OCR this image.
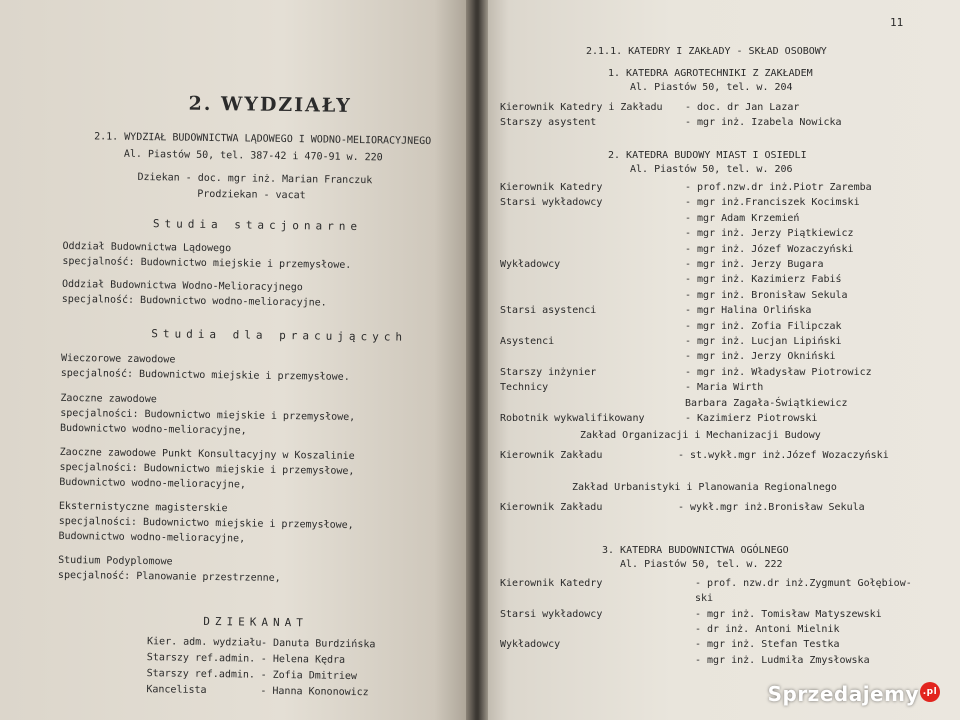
2. WYDZIAŁY
2.1. WYDZIAŁ BUDOWNICTWA LĄDOWEGO I WODNO-MELIORACYJNEGO
Al. Piastów 50, tel. 387-42 i 470-91 w. 220
Dziekan - doc. mgr inż. Marian Franczuk
Prodziekan - vacat
Studia stacjonarne
Oddział Budownictwa Lądowego
specjalność: Budownictwo miejskie i przemysłowe.
Oddział Budownictwa Wodno-Melioracyjnego
specjalność: Budownictwo wodno-melioracyjne.
Studia dla pracujących
Wieczorowe zawodowe
specjalność: Budownictwo miejskie i przemysłowe.
Zaoczne zawodowe
specjalności: Budownictwo miejskie i przemysłowe,
Budownictwo wodno-melioracyjne,
Zaoczne zawodowe Punkt Konsultacyjny w Koszalinie
specjalności: Budownictwo miejskie i przemysłowe,
Budownictwo wodno-melioracyjne,
Eksternistyczne magisterskie
specjalności: Budownictwo miejskie i przemysłowe,
Budownictwo wodno-melioracyjne,
Studium Podyplomowe
specjalność: Planowanie przestrzenne,
DZIEKANAT
Kier. adm. wydziału - Danuta Burdzińska
Starszy ref.admin. - Helena Kędra
Starszy ref.admin. - Zofia Dmitriew
Kancelista	- Hanna Kononowicz
11
2.1.1. KATEDRY I ZAKŁADY - SKŁAD OSOBOWY
1. KATEDRA AGROTECHNIKI Z ZAKŁADEM
Al. Piastów 50, tel. w. 204
Kierownik Katedry i Zakładu - doc. dr Jan Lazar
Starszy asystent	- mgr inż. Izabela Nowicka
2. KATEDRA BUDOWY MIAST I OSIEDLI
Al. Piastów 50, tel. w. 206
Kierownik Katedry	- prof.nzw.dr inż.Piotr Zaremba
Starsi wykładowcy	- mgr inż.Franciszek Kocimski
- mgr Adam Krzemień
- mgr inż. Jerzy Piątkiewicz
- mgr inż. Józef Wozaczyński
Wykładowcy	- mgr inż. Jerzy Bugara
- mgr inż. Kazimierz Fabiś
- mgr inż. Bronisław Sekula
Starsi asystenci	- mgr Halina Orlińska
- mgr inż. Zofia Filipczak
Asystenci	- mgr inż. Lucjan Lipiński
- mgr inż. Jerzy Okniński
Starszy inżynier	- mgr inż. Władysław Piotrowicz
Technicy	- Maria Wirth
Barbara Zagała-Świątkiewicz
Robotnik wykwalifikowany	- Kazimierz Piotrowski
Zakład Organizacji i Mechanizacji Budowy
Kierownik Zakładu	- st.wykł.mgr inż.Józef Wozaczyński
Zakład Urbanistyki i Planowania Regionalnego
Kierownik Zakładu	- wykł.mgr inż.Bronisław Sekula
3. KATEDRA BUDOWNICTWA OGÓLNEGO
Al. Piastów 50, tel. w. 222
Kierownik Katedry	- prof. nzw.dr inż.Zygmunt Gołębiow-
ski
Starsi wykładowcy	- mgr inż. Tomisław Matyszewski
- dr inż. Antoni Mielnik
Wykładowcy	- mgr inż. Stefan Testka
- mgr inż. Ludmiła Zmysłowska
Sprzedajemy .pl
